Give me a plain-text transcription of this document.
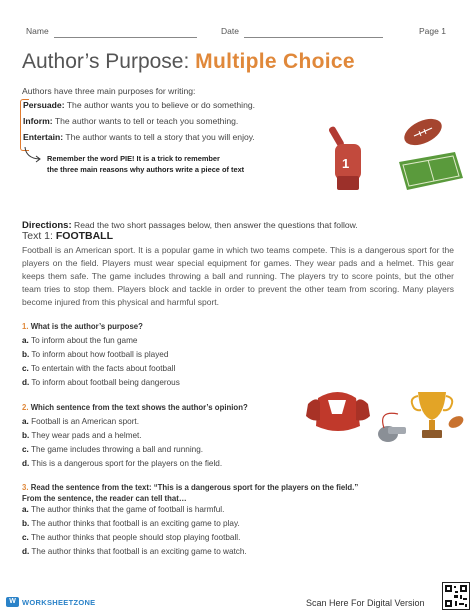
Name	Date	Page 1
Author’s Purpose: Multiple Choice
Authors have three main purposes for writing:
Persuade: The author wants you to believe or do something.
Inform: The author wants to tell or teach you something.
Entertain: The author wants to tell a story that you will enjoy.
Remember the word PIE! It is a trick to remember
the three main reasons why authors write a piece of text	1
Directions: Read the two short passages below, then answer the questions that follow.
Text 1: FOOTBALL
Football is an American sport. It is a popular game in which two teams compete. This is a dangerous sport for the players on the field. Players must wear special equipment for games. They wear pads and a helmet. This gear keeps them safe. The game includes throwing a ball and running. The players try to score points, but the other team tries to stop them. Players block and tackle in order to prevent the other team from scoring. Many players become injured from this physical and harmful sport.
1. What is the author’s purpose?
a. To inform about the fun game
b. To inform about how football is played
c. To entertain with the facts about football
d. To inform about football being dangerous
2. Which sentence from the text shows the author’s opinion?
a. Football is an American sport.
b. They wear pads and a helmet.
c. The game includes throwing a ball and running.
d. This is a dangerous sport for the players on the field.
3. Read the sentence from the text: “This is a dangerous sport for the players on the field.”
From the sentence, the reader can tell that…
a. The author thinks that the game of football is harmful.
b. The author thinks that football is an exciting game to play.
c. The author thinks that people should stop playing football.
d. The author thinks that football is an exciting game to watch.
W WORKSHEETZONE	Scan Here For Digital Version
